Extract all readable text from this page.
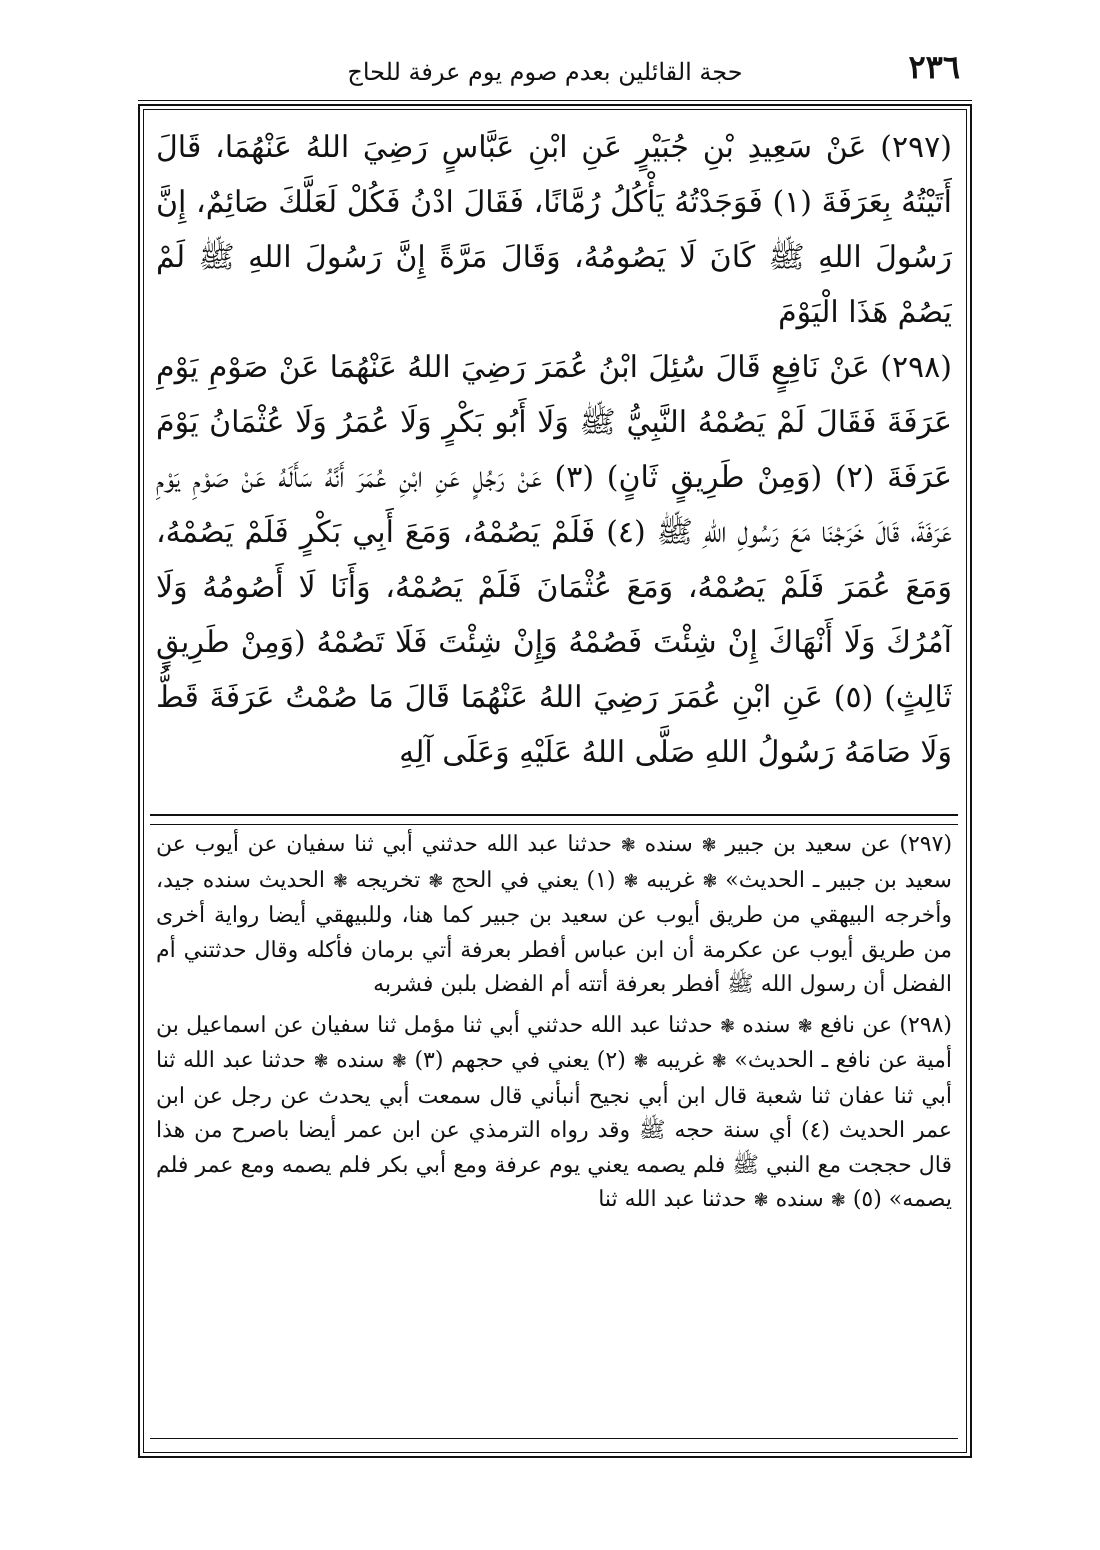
٢٣٦
حجة القائلين بعدم صوم يوم عرفة للحاج

(٢٩٧) عَنْ سَعِيدِ بْنِ جُبَيْرٍ عَنِ ابْنِ عَبَّاسٍ رَضِيَ اللهُ عَنْهُمَا، قَالَ أَتَيْتُهُ بِعَرَفَةَ (١) فَوَجَدْتُهُ يَأْكُلُ رُمَّانًا، فَقَالَ ادْنُ فَكُلْ لَعَلَّكَ صَائِمٌ، إِنَّ رَسُولَ اللهِ ﷺ كَانَ لَا يَصُومُهُ، وَقَالَ مَرَّةً إِنَّ رَسُولَ اللهِ ﷺ لَمْ يَصُمْ هَذَا الْيَوْمَ

(٢٩٨) عَنْ نَافِعٍ قَالَ سُئِلَ ابْنُ عُمَرَ رَضِيَ اللهُ عَنْهُمَا عَنْ صَوْمِ يَوْمِ عَرَفَةَ فَقَالَ لَمْ يَصُمْهُ النَّبِيُّ ﷺ وَلَا أَبُو بَكْرٍ وَلَا عُمَرُ وَلَا عُثْمَانُ يَوْمَ عَرَفَةَ (٢) (وَمِنْ طَرِيقٍ ثَانٍ) (٣) عَنْ رَجُلٍ عَنِ ابْنِ عُمَرَ أَنَّهُ سَأَلَهُ عَنْ صَوْمِ يَوْمِ عَرَفَةَ، قَالَ خَرَجْنَا مَعَ رَسُولِ اللهِ ﷺ (٤) فَلَمْ يَصُمْهُ، وَمَعَ أَبِي بَكْرٍ فَلَمْ يَصُمْهُ، وَمَعَ عُمَرَ فَلَمْ يَصُمْهُ، وَمَعَ عُثْمَانَ فَلَمْ يَصُمْهُ، وَأَنَا لَا أَصُومُهُ وَلَا آمُرُكَ وَلَا أَنْهَاكَ إِنْ شِئْتَ فَصُمْهُ وَإِنْ شِئْتَ فَلَا تَصُمْهُ (وَمِنْ طَرِيقٍ ثَالِثٍ) (٥) عَنِ ابْنِ عُمَرَ رَضِيَ اللهُ عَنْهُمَا قَالَ مَا صُمْتُ عَرَفَةَ قَطُّ وَلَا صَامَهُ رَسُولُ اللهِ صَلَّى اللهُ عَلَيْهِ وَعَلَى آلِهِ

(٢٩٧) عن سعيد بن جبير ❃ سنده ❃ حدثنا عبد الله حدثني أبي ثنا سفيان عن أيوب عن سعيد بن جبير ـ الحديث» ❃ غريبه ❃ (١) يعني في الحج ❃ تخريجه ❃ الحديث سنده جيد، وأخرجه البيهقي من طريق أيوب عن سعيد بن جبير كما هنا، وللبيهقي أيضا رواية أخرى من طريق أيوب عن عكرمة أن ابن عباس أفطر بعرفة أتي برمان فأكله وقال حدثتني أم الفضل أن رسول الله ﷺ أفطر بعرفة أتته أم الفضل بلبن فشربه

(٢٩٨) عن نافع ❃ سنده ❃ حدثنا عبد الله حدثني أبي ثنا مؤمل ثنا سفيان عن اسماعيل بن أمية عن نافع ـ الحديث» ❃ غريبه ❃ (٢) يعني في حجهم (٣) ❃ سنده ❃ حدثنا عبد الله ثنا أبي ثنا عفان ثنا شعبة قال ابن أبي نجيح أنبأني قال سمعت أبي يحدث عن رجل عن ابن عمر الحديث (٤) أي سنة حجه ﷺ وقد رواه الترمذي عن ابن عمر أيضا باصرح من هذا قال حججت مع النبي ﷺ فلم يصمه يعني يوم عرفة ومع أبي بكر فلم يصمه ومع عمر فلم يصمه» (٥) ❃ سنده ❃ حدثنا عبد الله ثنا
